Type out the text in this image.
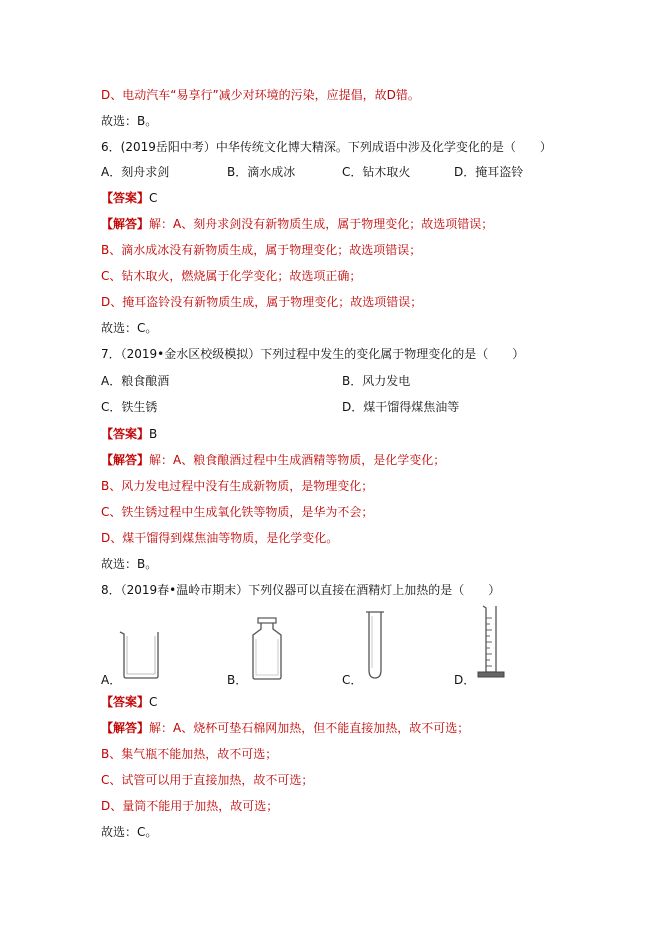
D、电动汽车“易享行”减少对环境的污染，应提倡，故D错。
故选：B。
6．(2019岳阳中考）中华传统文化博大精深。下列成语中涉及化学变化的是（　　）
A．刻舟求剑	B．滴水成冰	C．钻木取火	D．掩耳盗铃
【答案】C
【解答】解：A、刻舟求剑没有新物质生成，属于物理变化；故选项错误；
B、滴水成冰没有新物质生成，属于物理变化；故选项错误；
C、钻木取火，燃烧属于化学变化；故选项正确；
D、掩耳盗铃没有新物质生成，属于物理变化；故选项错误；
故选：C。
7．（2019•金水区校级模拟）下列过程中发生的变化属于物理变化的是（　　）
A．粮食酿酒	B．风力发电
C．铁生锈	D．煤干馏得煤焦油等
【答案】B
【解答】解：A、粮食酿酒过程中生成酒精等物质，是化学变化；
B、风力发电过程中没有生成新物质，是物理变化；
C、铁生锈过程中生成氧化铁等物质，是华为不会；
D、煤干馏得到煤焦油等物质，是化学变化。
故选：B。
8．（2019春•温岭市期末）下列仪器可以直接在酒精灯上加热的是（　　）
A．	B．	C．	D．
【答案】C
【解答】解：A、烧杯可垫石棉网加热，但不能直接加热，故不可选；
B、集气瓶不能加热，故不可选；
C、试管可以用于直接加热，故不可选；
D、量筒不能用于加热，故可选；
故选：C。
